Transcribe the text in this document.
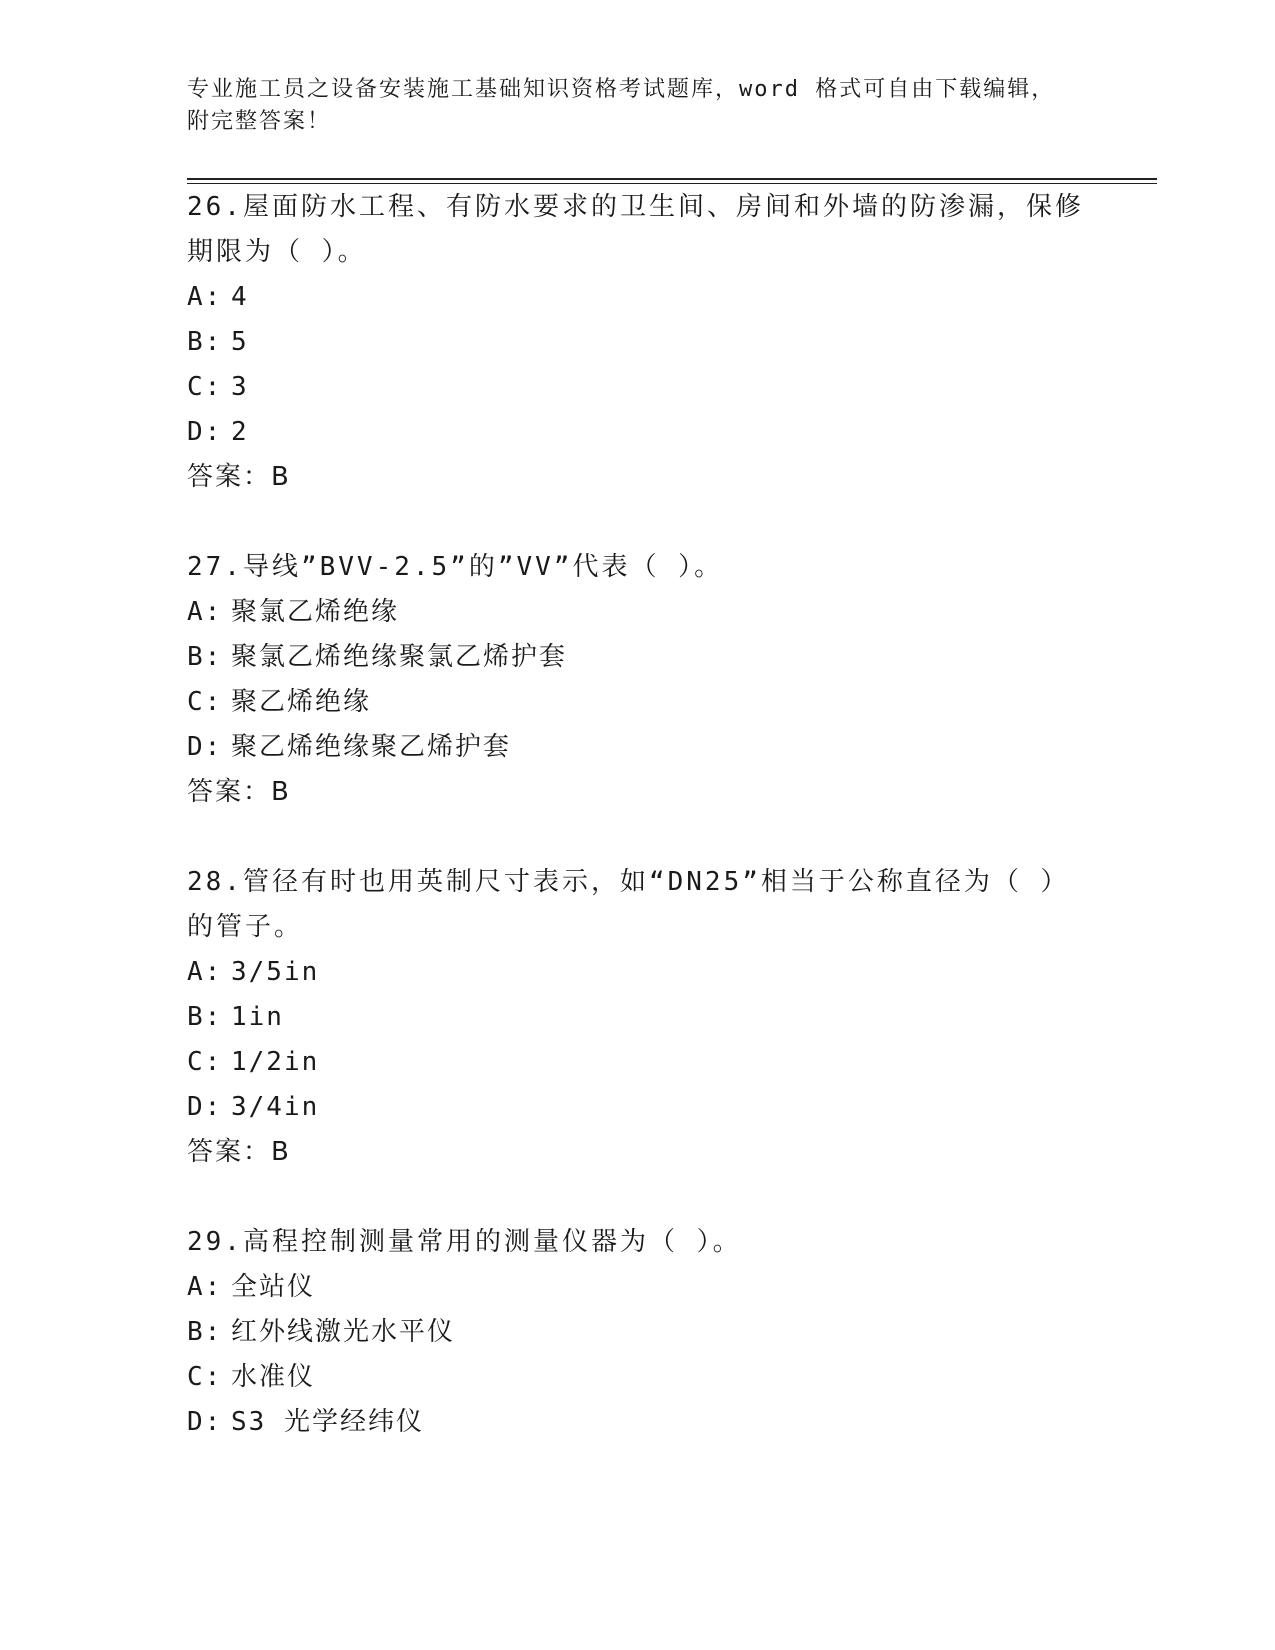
专业施工员之设备安装施工基础知识资格考试题库，word 格式可自由下载编辑，
附完整答案！

26.屋面防水工程、有防水要求的卫生间、房间和外墙的防渗漏，保修期限为（ ）。

A: 4

B: 5

C: 3

D: 2

答案：B

27.导线”BVV-2.5”的”VV”代表（ ）。

A: 聚氯乙烯绝缘

B: 聚氯乙烯绝缘聚氯乙烯护套

C: 聚乙烯绝缘

D: 聚乙烯绝缘聚乙烯护套

答案：B

28.管径有时也用英制尺寸表示，如“DN25”相当于公称直径为（ ）的管子。

A: 3/5in

B: 1in

C: 1/2in

D: 3/4in

答案：B

29.高程控制测量常用的测量仪器为（ ）。

A: 全站仪

B: 红外线激光水平仪

C: 水准仪

D: S3 光学经纬仪
